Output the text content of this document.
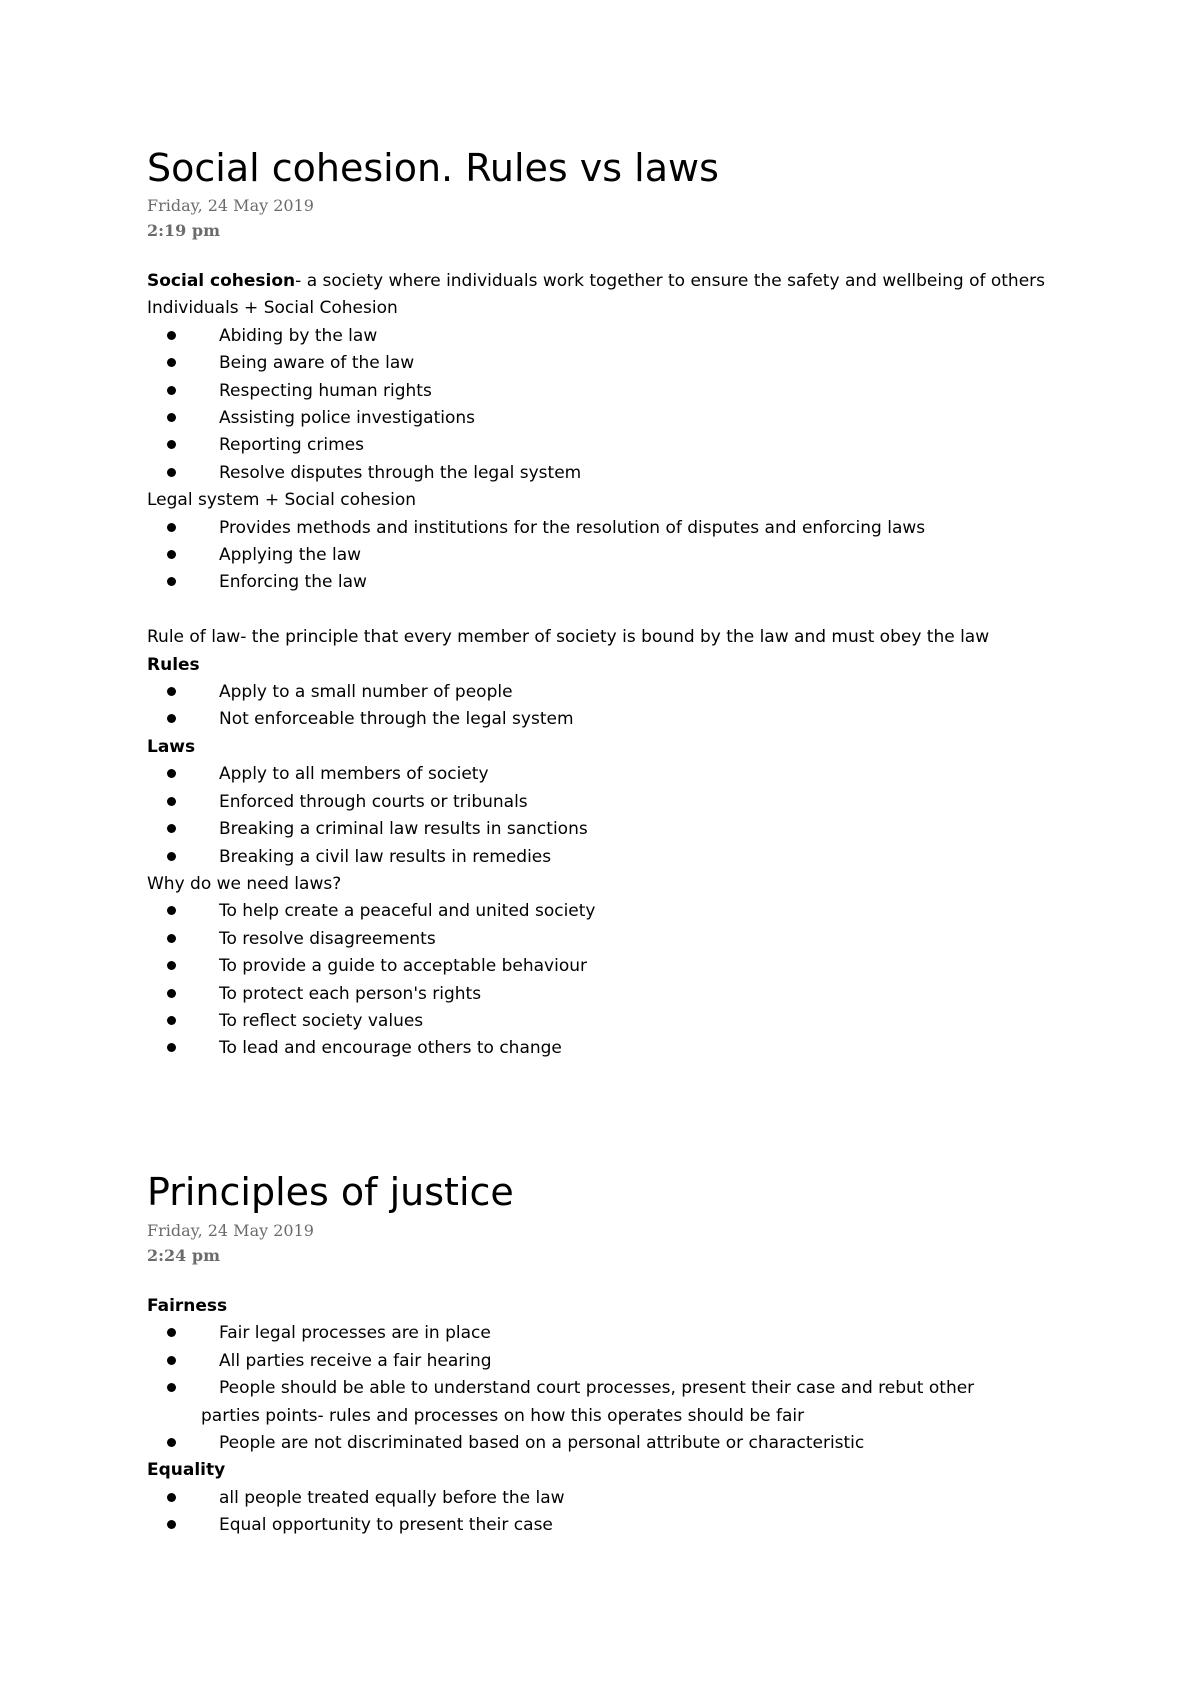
Social cohesion. Rules vs laws
Friday, 24 May 2019
2:19 pm

Social cohesion- a society where individuals work together to ensure the safety and wellbeing of others

Individuals + Social Cohesion

Abiding by the law
Being aware of the law
Respecting human rights
Assisting police investigations
Reporting crimes
Resolve disputes through the legal system

Legal system + Social cohesion

Provides methods and institutions for the resolution of disputes and enforcing laws
Applying the law
Enforcing the law

Rule of law- the principle that every member of society is bound by the law and must obey the law

Rules

Apply to a small number of people
Not enforceable through the legal system

Laws

Apply to all members of society
Enforced through courts or tribunals
Breaking a criminal law results in sanctions
Breaking a civil law results in remedies

Why do we need laws?

To help create a peaceful and united society
To resolve disagreements
To provide a guide to acceptable behaviour
To protect each person's rights
To reflect society values
To lead and encourage others to change
Principles of justice
Friday, 24 May 2019
2:24 pm

Fairness

Fair legal processes are in place
All parties receive a fair hearing
People should be able to understand court processes, present their case and rebut other
parties points- rules and processes on how this operates should be fair
People are not discriminated based on a personal attribute or characteristic

Equality

all people treated equally before the law
Equal opportunity to present their case
